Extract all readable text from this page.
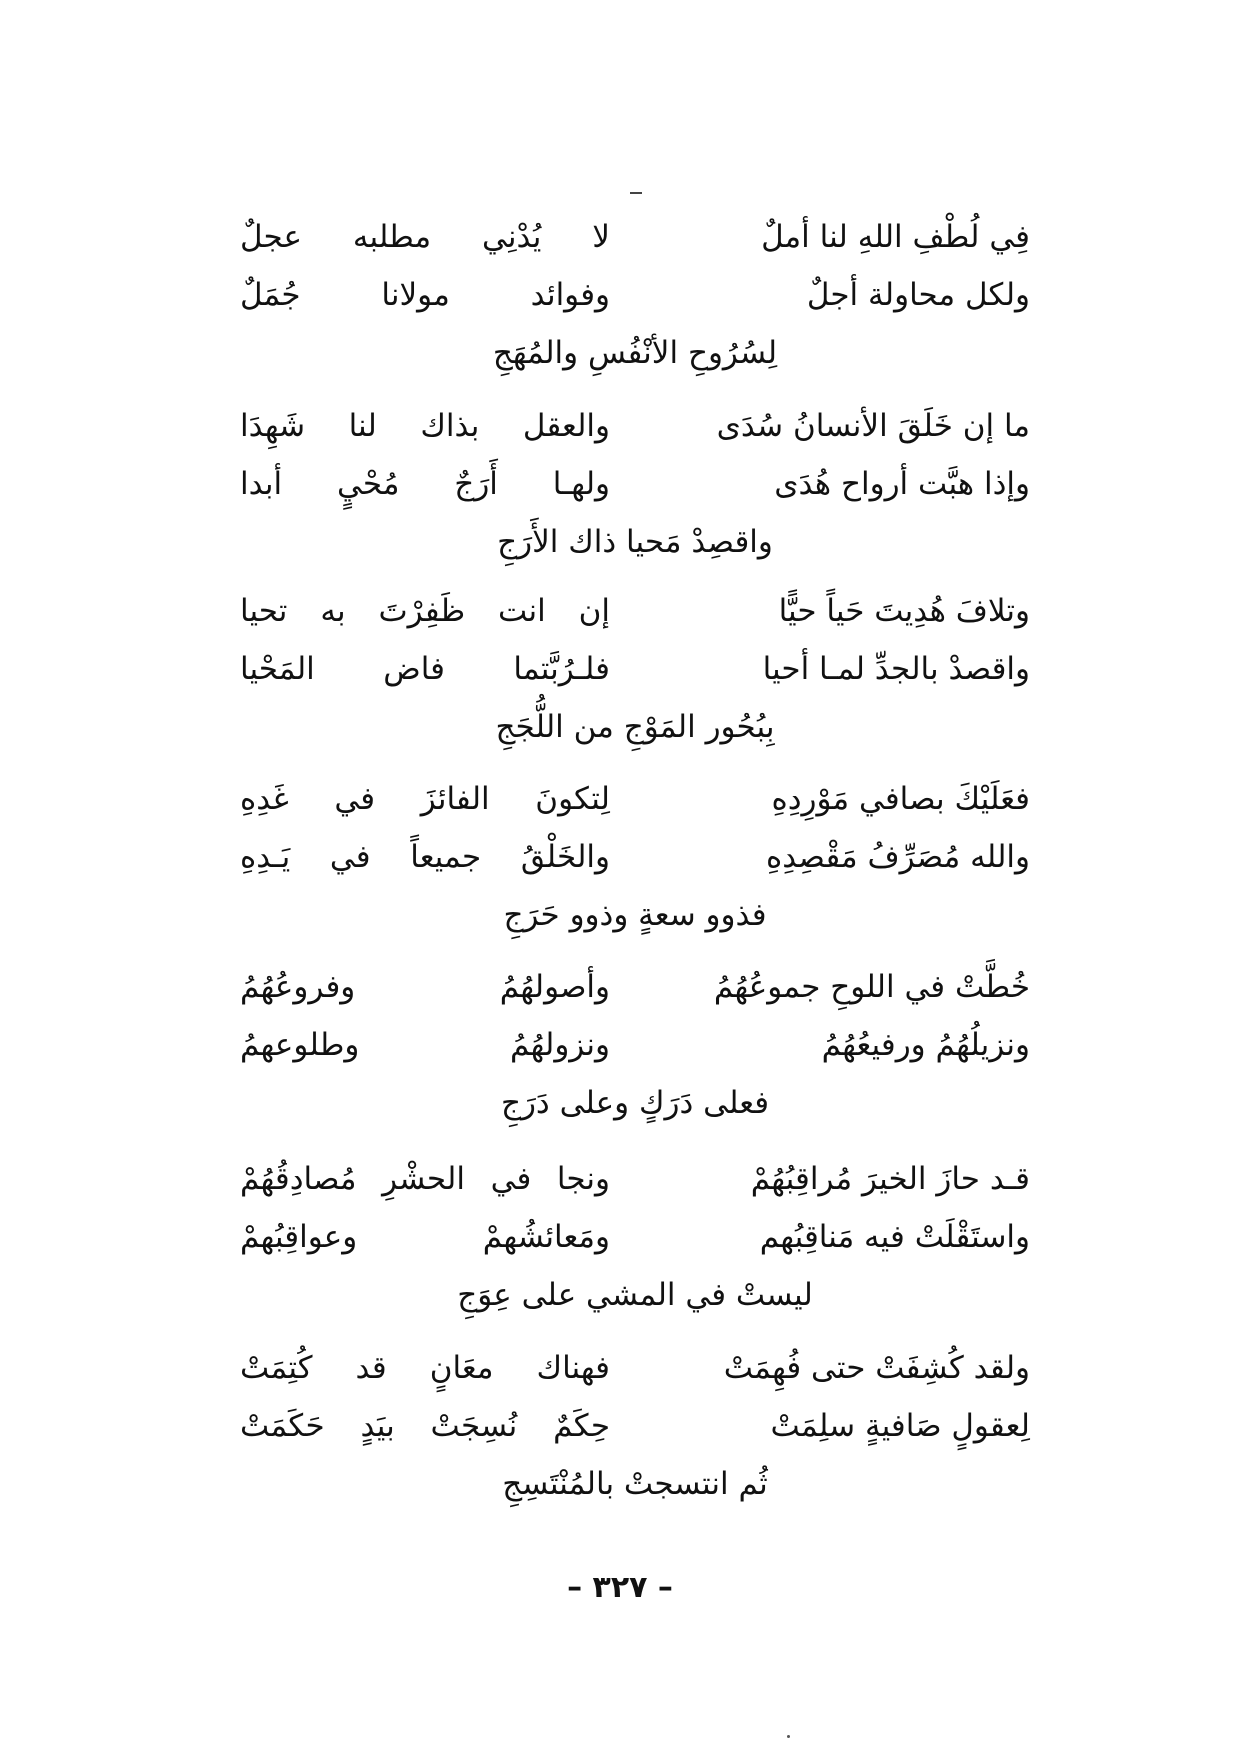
فِي لُطْفِ اللهِ لنا أملٌ
لا يُدْنِي مطلبه عجلٌ
ولكل محاولة أجلٌ
وفوائد مولانا جُمَلٌ
لِسُرُوحِ الأنْفُسِ والمُهَجِ
ما إن خَلَقَ الأنسانُ سُدَى
والعقل بذاك لنا شَهِدَا
وإذا هبَّت أرواح هُدَى
ولهـا أَرَجٌ مُحْيٍ أبدا
واقصِدْ مَحيا ذاك الأَرَجِ
وتلافَ هُدِيتَ حَياً حيًّا
إن انت ظَفِرْتَ به تحيا
واقصدْ بالجدِّ لمـا أحيا
فلـرُبَّتما فاض المَحْيا
بِبُحُور المَوْجِ من اللُّجَجِ
فعَلَيْكَ بصافي مَوْرِدِهِ
لِتكونَ الفائزَ في غَدِهِ
والله مُصَرِّفُ مَقْصِدِهِ
والخَلْقُ جميعاً في يَـدِهِ
فذوو سعةٍ وذوو حَرَجِ
خُطَّتْ في اللوحِ جموعُهُمُ
وأصولهُمُ وفروعُهُمُ
ونزيلُهُمُ ورفيعُهُمُ
ونزولهُمُ وطلوعهمُ
فعلى دَرَكٍ وعلى دَرَجِ
قـد حازَ الخيرَ مُراقِبُهُمْ
ونجا في الحشْرِ مُصادِقُهُمْ
واستَقْلَتْ فيه مَناقِبُهم
ومَعائشُهمْ وعواقِبُهمْ
ليستْ في المشي على عِوَجِ
ولقد كُشِفَتْ حتى فُهِمَتْ
فهناك معَانٍ قد كُتِمَتْ
لِعقولٍ صَافيةٍ سلِمَتْ
حِكَمٌ نُسِجَتْ بيَدٍ حَكَمَتْ
ثُم انتسجتْ بالمُنْتَسِجِ
– ٣٢٧ –
